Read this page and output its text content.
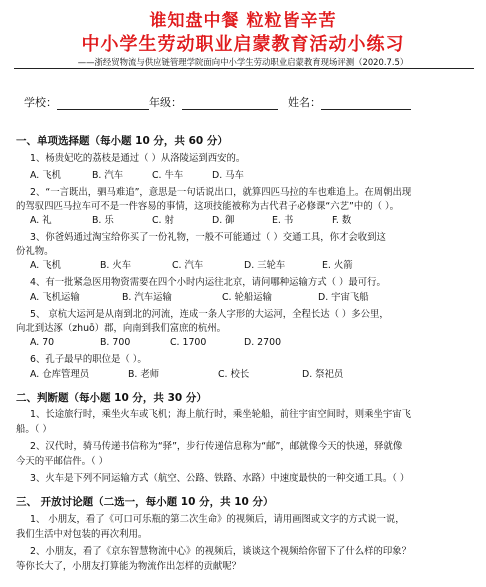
谁知盘中餐 粒粒皆辛苦
中小学生劳动职业启蒙教育活动小练习
——浙经贸物流与供应链管理学院面向中小学生劳动职业启蒙教育现场评测（2020.7.5）
学校：	年级：	姓名：
一、单项选择题（每小题 10 分，共 60 分）
1、杨贵妃吃的荔枝是通过（ ）从洛陵运到西安的。
A. 飞机	B. 汽车	C. 牛车	D. 马车
2、“一言既出，驷马难追”，意思是一句话说出口，就算四匹马拉的车也难追上。在周朝出现
的驾驭四匹马拉车可不是一件容易的事情，这项技能被称为古代君子必修课“六艺”中的（ ）。
A. 礼	B. 乐	C. 射	D. 御	E. 书	F. 数
3、你爸妈通过淘宝给你买了一份礼物，一般不可能通过（ ）交通工具，你才会收到这
份礼物。
A. 飞机	B. 火车	C. 汽车	D. 三轮车	E. 火箭
4、有一批紧急医用物资需要在四个小时内运往北京，请问哪种运输方式（ ）最可行。
A. 飞机运输	B. 汽车运输	C. 轮船运输	D. 宇宙飞船
5、 京杭大运河是从南到北的河流，连成一条人字形的大运河，全程长达（ ）多公里，
向北到达涿（zhuō）郡，向南到我们富庶的杭州。
A. 70	B. 700	C. 1700	D. 2700
6、孔子最早的职位是（ ）。
A. 仓库管理员	B. 老师	C. 校长	D. 祭祀员
二、判断题（每小题 10 分，共 30 分）
1、长途旅行时，乘坐火车或飞机；海上航行时，乘坐轮船，前往宇宙空间时，则乘坐宇宙飞
船。（ ）
2、汉代时，骑马传递书信称为“驿”，步行传递信息称为“邮”，邮就像今天的快递，驿就像
今天的平邮信件。（ ）
3、火车是下列不同运输方式（航空、公路、铁路、水路）中速度最快的一种交通工具。（ ）
三、 开放讨论题（二选一，每小题 10 分，共 10 分）
1、 小朋友，看了《可口可乐瓶的第二次生命》的视频后，请用画图或文字的方式说一说，
我们生活中对包装的再次利用。
2、小朋友，看了《京东智慧物流中心》的视频后，谈谈这个视频给你留下了什么样的印象？
等你长大了，小朋友打算能为物流作出怎样的贡献呢？
